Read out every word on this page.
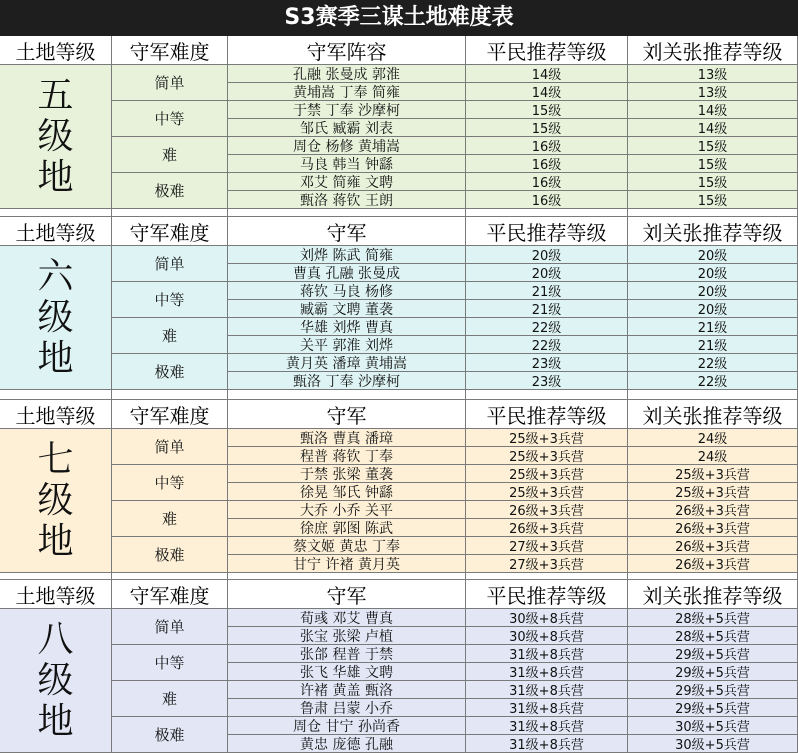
S3赛季三谋土地难度表
土地等级	守军难度	守军阵容	平民推荐等级	刘关张推荐等级
五
级
地
简单	孔融 张曼成 郭淮	14级	13级
黄埔嵩 丁奉 简雍	14级	13级
中等	于禁 丁奉 沙摩柯	15级	14级
邹氏 臧霸 刘表	15级	14级
难	周仓 杨修 黄埔嵩	16级	15级
马良 韩当 钟繇	16级	15级
极难	邓艾 简雍 文聘	16级	15级
甄洛 蒋钦 王朗	16级	15级
土地等级	守军难度	守军	平民推荐等级	刘关张推荐等级
六
级
地
简单	刘烨 陈武 简雍	20级	20级
曹真 孔融 张曼成	20级	20级
中等	蒋钦 马良 杨修	21级	20级
臧霸 文聘 董袭	21级	20级
难	华雄 刘烨 曹真	22级	21级
关平 郭淮 刘烨	22级	21级
极难	黄月英 潘璋 黄埔嵩	23级	22级
甄洛 丁奉 沙摩柯	23级	22级
土地等级	守军难度	守军	平民推荐等级	刘关张推荐等级
七
级
地
简单	甄洛 曹真 潘璋	25级+3兵营	24级
程普 蒋钦 丁奉	25级+3兵营	24级
中等	于禁 张梁 董袭	25级+3兵营	25级+3兵营
徐晃 邹氏 钟繇	25级+3兵营	25级+3兵营
难	大乔 小乔 关平	26级+3兵营	26级+3兵营
徐庶 郭图 陈武	26级+3兵营	26级+3兵营
极难	蔡文姬 黄忠 丁奉	27级+3兵营	26级+3兵营
甘宁 许褚 黄月英	27级+3兵营	26级+3兵营
土地等级	守军难度	守军	平民推荐等级	刘关张推荐等级
八
级
地
简单	荀彧 邓艾 曹真	30级+8兵营	28级+5兵营
张宝 张梁 卢植	30级+8兵营	28级+5兵营
中等	张郃 程普 于禁	31级+8兵营	29级+5兵营
张飞 华雄 文聘	31级+8兵营	29级+5兵营
难	许褚 黄盖 甄洛	31级+8兵营	29级+5兵营
鲁肃 吕蒙 小乔	31级+8兵营	29级+5兵营
极难	周仓 甘宁 孙尚香	31级+8兵营	30级+5兵营
黄忠 庞德 孔融	31级+8兵营	30级+5兵营
